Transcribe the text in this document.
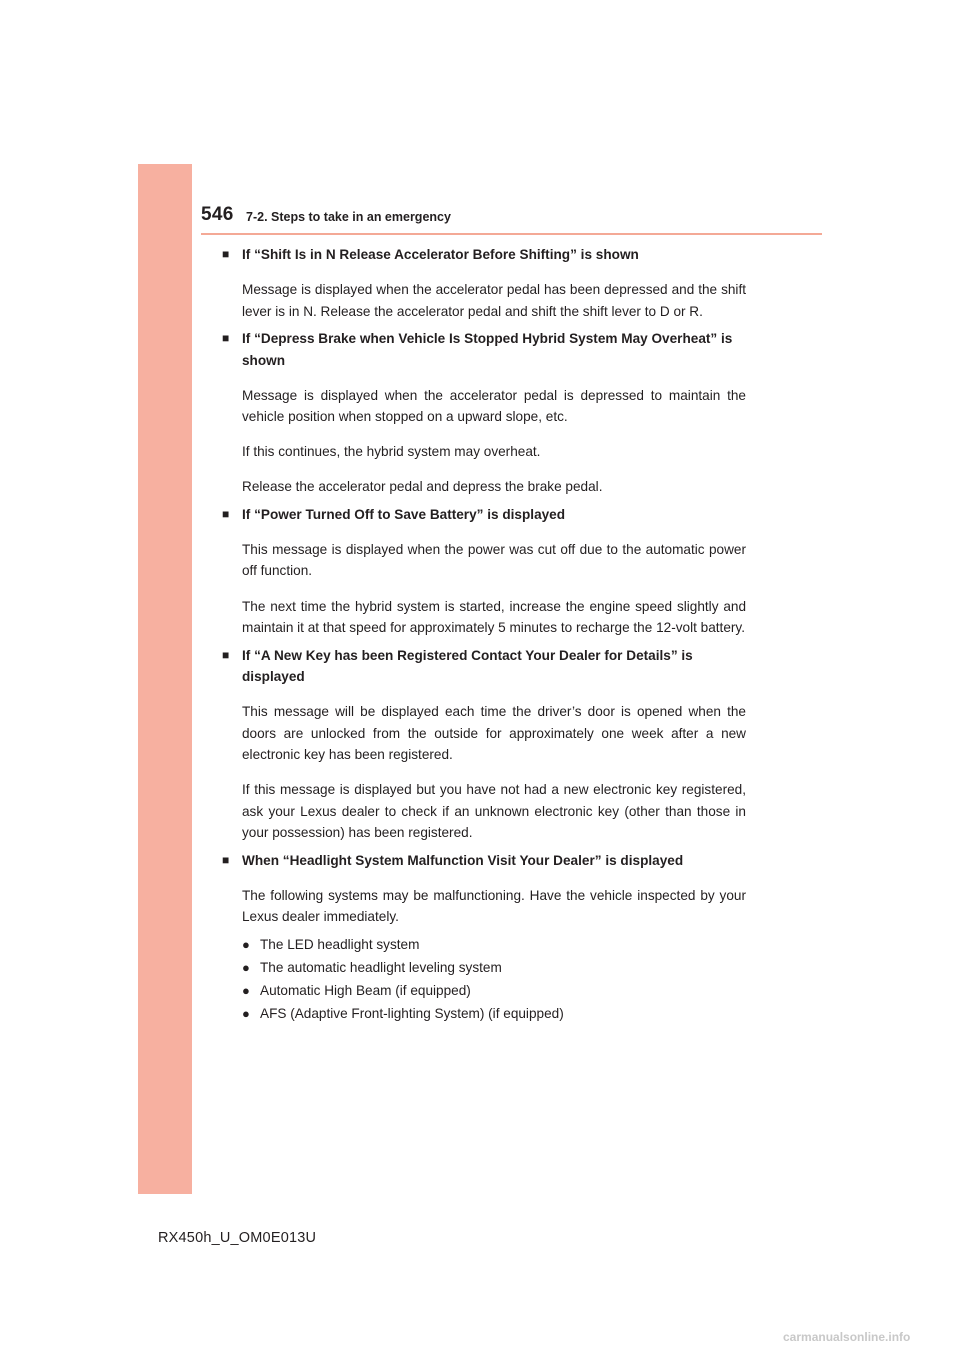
546 7-2. Steps to take in an emergency
■ If “Shift Is in N Release Accelerator Before Shifting” is shown

Message is displayed when the accelerator pedal has been depressed and the shift lever is in N. Release the accelerator pedal and shift the shift lever to D or R.

■ If “Depress Brake when Vehicle Is Stopped Hybrid System May Overheat” is shown

Message is displayed when the accelerator pedal is depressed to maintain the vehicle position when stopped on a upward slope, etc.

If this continues, the hybrid system may overheat.

Release the accelerator pedal and depress the brake pedal.

■ If “Power Turned Off to Save Battery” is displayed

This message is displayed when the power was cut off due to the automatic power off function.

The next time the hybrid system is started, increase the engine speed slightly and maintain it at that speed for approximately 5 minutes to recharge the 12-volt battery.

■ If “A New Key has been Registered Contact Your Dealer for Details” is displayed

This message will be displayed each time the driver’s door is opened when the doors are unlocked from the outside for approximately one week after a new electronic key has been registered.

If this message is displayed but you have not had a new electronic key registered, ask your Lexus dealer to check if an unknown electronic key (other than those in your possession) has been registered.

■ When “Headlight System Malfunction Visit Your Dealer” is displayed

The following systems may be malfunctioning. Have the vehicle inspected by your Lexus dealer immediately.

● The LED headlight system
● The automatic headlight leveling system
● Automatic High Beam (if equipped)
● AFS (Adaptive Front-lighting System) (if equipped)
RX450h_U_OM0E013U
carmanualsonline.info
